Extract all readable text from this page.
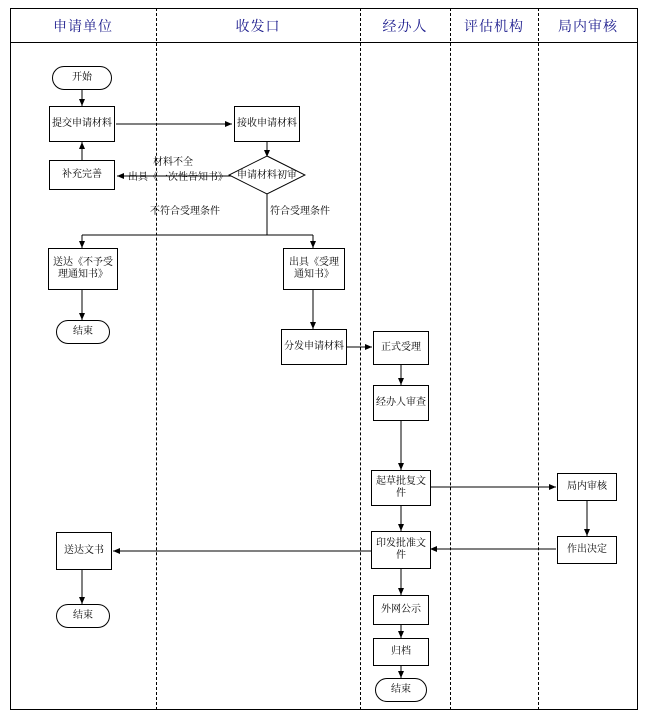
申请单位	收发口	经办人	评估机构	局内审核
开始
提交申请材料
补充完善
接收申请材料
申请材料初审
送达《不予受理通知书》
结束
出具《受理通知书》
分发申请材料	正式受理
经办人审查
起草批复文件
局内审核
作出决定
印发批准文件
送达文书
结束
外网公示
归档
结束
材料不全
出具《一次性告知书》
不符合受理条件	符合受理条件
